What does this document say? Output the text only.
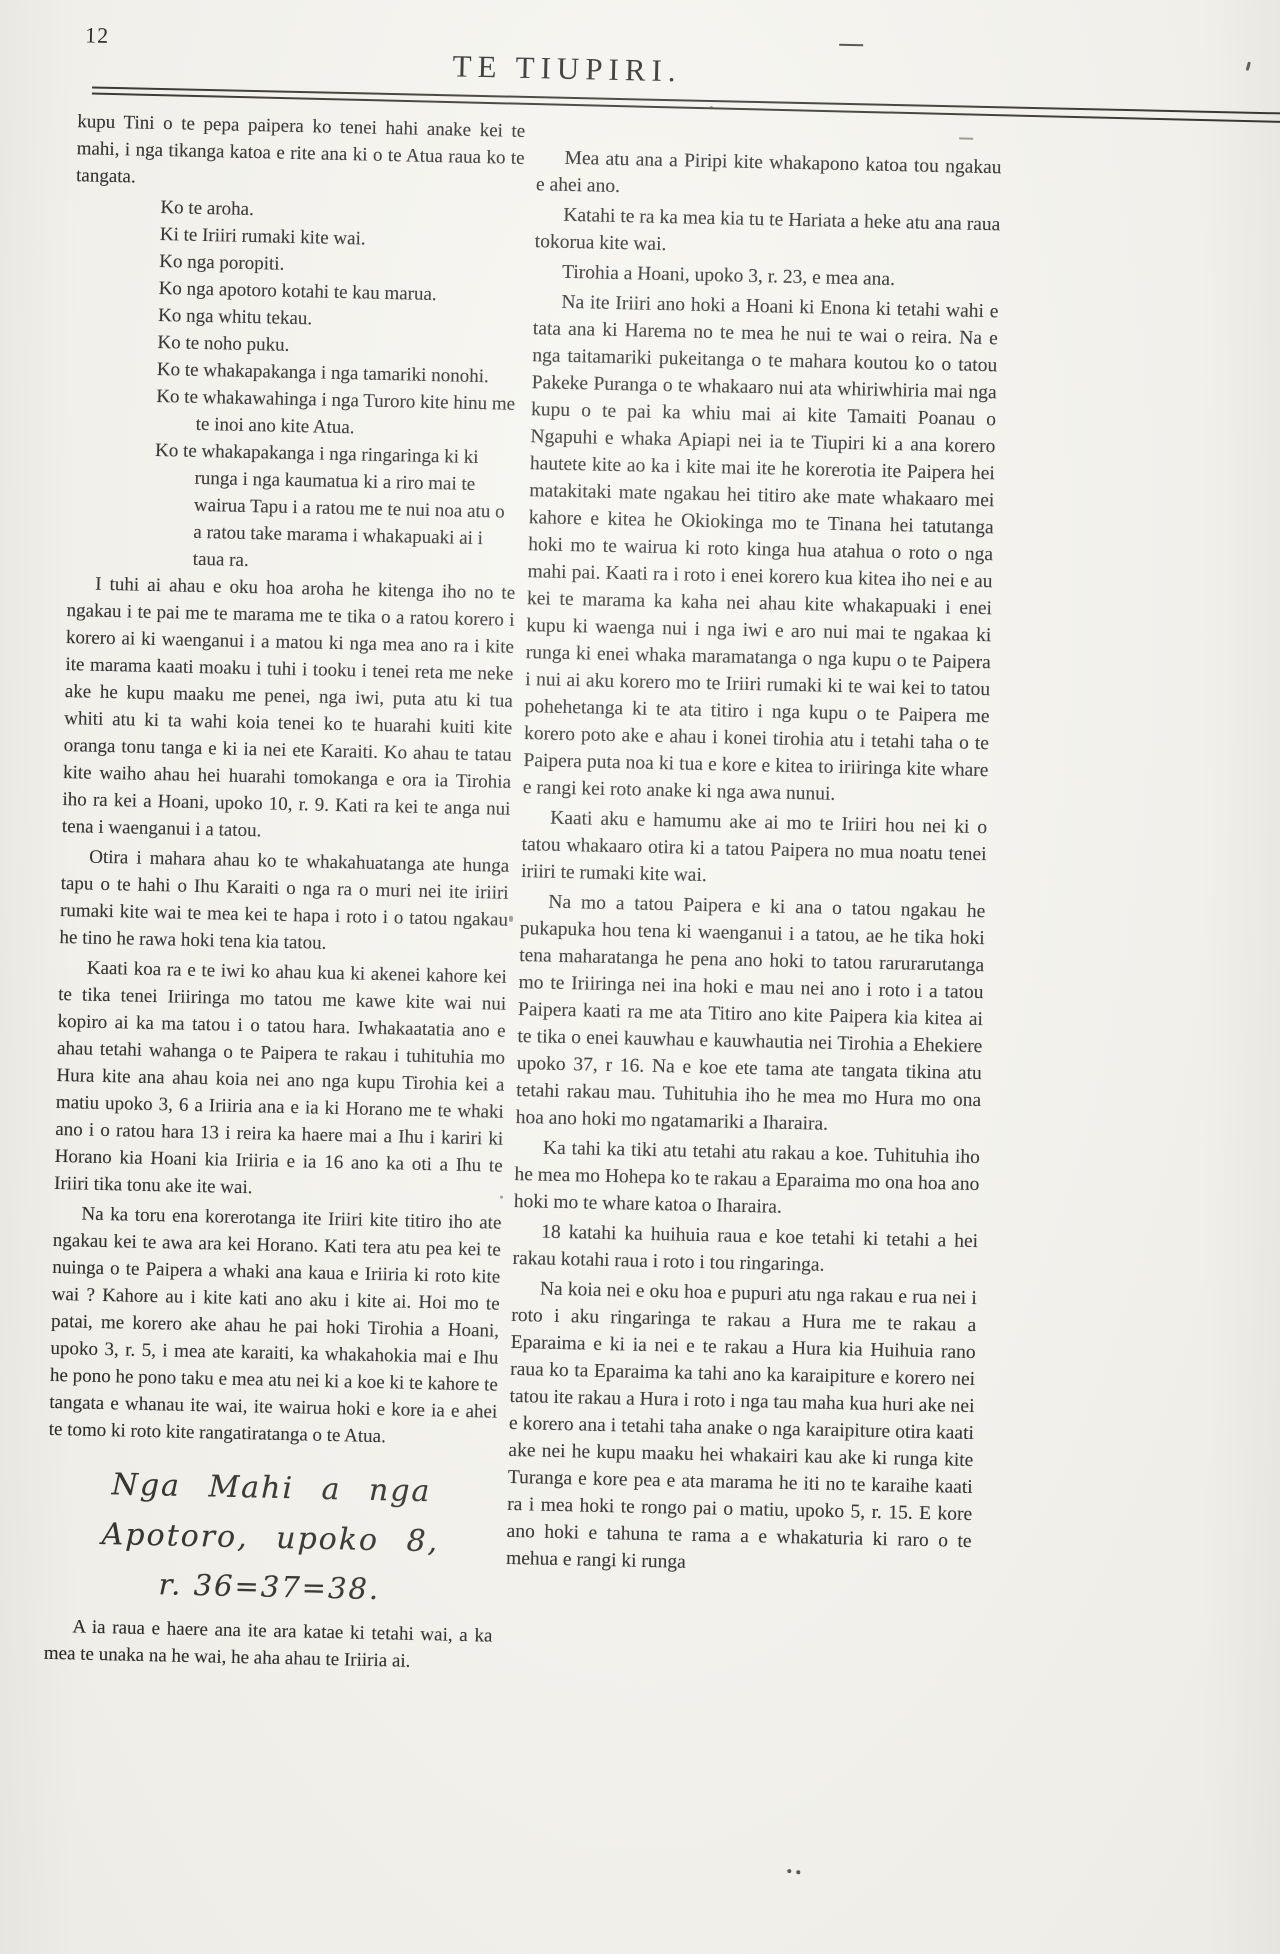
12
TE TIUPIRI.

kupu Tini o te pepa paipera ko tenei hahi anake kei te mahi, i nga tikanga katoa e rite ana ki o te Atua raua ko te tangata.

Ko te aroha.

Ki te Iriiri rumaki kite wai.

Ko nga poropiti.

Ko nga apotoro kotahi te kau marua.

Ko nga whitu tekau.

Ko te noho puku.

Ko te whakapakanga i nga tamariki nonohi.

Ko te whakawahinga i nga Turoro kite hinu me te inoi ano kite Atua.

Ko te whakapakanga i nga ringaringa ki ki runga i nga kaumatua ki a riro mai te wairua Tapu i a ratou me te nui noa atu o a ratou take marama i whakapuaki ai i taua ra.

I tuhi ai ahau e oku hoa aroha he kitenga iho no te ngakau i te pai me te marama me te tika o a ratou korero i korero ai ki waenganui i a matou ki nga mea ano ra i kite ite marama kaati moaku i tuhi i tooku i tenei reta me neke ake he kupu maaku me penei, nga iwi, puta atu ki tua whiti atu ki ta wahi koia tenei ko te huarahi kuiti kite oranga tonu tanga e ki ia nei ete Karaiti. Ko ahau te tatau kite waiho ahau hei huarahi tomokanga e ora ia Tirohia iho ra kei a Hoani, upoko 10, r. 9. Kati ra kei te anga nui tena i waenganui i a tatou.

Otira i mahara ahau ko te whakahuatanga ate hunga tapu o te hahi o Ihu Karaiti o nga ra o muri nei ite iriiri rumaki kite wai te mea kei te hapa i roto i o tatou ngakau he tino he rawa hoki tena kia tatou.

Kaati koa ra e te iwi ko ahau kua ki akenei kahore kei te tika tenei Iriiringa mo tatou me kawe kite wai nui kopiro ai ka ma tatou i o tatou hara. Iwhakaatatia ano e ahau tetahi wahanga o te Paipera te rakau i tuhituhia mo Hura kite ana ahau koia nei ano nga kupu Tirohia kei a matiu upoko 3, 6 a Iriiria ana e ia ki Horano me te whaki ano i o ratou hara 13 i reira ka haere mai a Ihu i kariri ki Horano kia Hoani kia Iriiria e ia 16 ano ka oti a Ihu te Iriiri tika tonu ake ite wai.

Na ka toru ena korerotanga ite Iriiri kite titiro iho ate ngakau kei te awa ara kei Horano. Kati tera atu pea kei te nuinga o te Paipera a whaki ana kaua e Iriiria ki roto kite wai ? Kahore au i kite kati ano aku i kite ai. Hoi mo te patai, me korero ake ahau he pai hoki Tirohia a Hoani, upoko 3, r. 5, i mea ate karaiti, ka whakahokia mai e Ihu he pono he pono taku e mea atu nei ki a koe ki te kahore te tangata e whanau ite wai, ite wairua hoki e kore ia e ahei te tomo ki roto kite rangatiratanga o te Atua.

Nga Mahi a nga Apotoro, upoko 8,
r. 36=37=38.

A ia raua e haere ana ite ara katae ki tetahi wai, a ka mea te unaka na he wai, he aha ahau te Iriiria ai.

Mea atu ana a Piripi kite whakapono katoa tou ngakau e ahei ano.

Katahi te ra ka mea kia tu te Hariata a heke atu ana raua tokorua kite wai.

Tirohia a Hoani, upoko 3, r. 23, e mea ana.

Na ite Iriiri ano hoki a Hoani ki Enona ki tetahi wahi e tata ana ki Harema no te mea he nui te wai o reira. Na e nga taitamariki pukeitanga o te mahara koutou ko o tatou Pakeke Puranga o te whakaaro nui ata whiriwhiria mai nga kupu o te pai ka whiu mai ai kite Tamaiti Poanau o Ngapuhi e whaka Apiapi nei ia te Tiupiri ki a ana korero hautete kite ao ka i kite mai ite he korerotia ite Paipera hei matakitaki mate ngakau hei titiro ake mate whakaaro mei kahore e kitea he Okiokinga mo te Tinana hei tatutanga hoki mo te wairua ki roto kinga hua atahua o roto o nga mahi pai. Kaati ra i roto i enei korero kua kitea iho nei e au kei te marama ka kaha nei ahau kite whakapuaki i enei kupu ki waenga nui i nga iwi e aro nui mai te ngakaa ki runga ki enei whaka maramatanga o nga kupu o te Paipera i nui ai aku korero mo te Iriiri rumaki ki te wai kei to tatou pohehetanga ki te ata titiro i nga kupu o te Paipera me korero poto ake e ahau i konei tirohia atu i tetahi taha o te Paipera puta noa ki tua e kore e kitea to iriiringa kite whare e rangi kei roto anake ki nga awa nunui.

Kaati aku e hamumu ake ai mo te Iriiri hou nei ki o tatou whakaaro otira ki a tatou Paipera no mua noatu tenei iriiri te rumaki kite wai.

Na mo a tatou Paipera e ki ana o tatou ngakau he pukapuka hou tena ki waenganui i a tatou, ae he tika hoki tena maharatanga he pena ano hoki to tatou rarurarutanga mo te Iriiringa nei ina hoki e mau nei ano i roto i a tatou Paipera kaati ra me ata Titiro ano kite Paipera kia kitea ai te tika o enei kauwhau e kauwhautia nei Tirohia a Ehekiere upoko 37, r 16. Na e koe ete tama ate tangata tikina atu tetahi rakau mau. Tuhituhia iho he mea mo Hura mo ona hoa ano hoki mo ngatamariki a Iharaira.

Ka tahi ka tiki atu tetahi atu rakau a koe. Tuhituhia iho he mea mo Hohepa ko te rakau a Eparaima mo ona hoa ano hoki mo te whare katoa o Iharaira.

18 katahi ka huihuia raua e koe tetahi ki tetahi a hei rakau kotahi raua i roto i tou ringaringa.

Na koia nei e oku hoa e pupuri atu nga rakau e rua nei i roto i aku ringaringa te rakau a Hura me te rakau a Eparaima e ki ia nei e te rakau a Hura kia Huihuia rano raua ko ta Eparaima ka tahi ano ka karaipiture e korero nei tatou ite rakau a Hura i roto i nga tau maha kua huri ake nei e korero ana i tetahi taha anake o nga karaipiture otira kaati ake nei he kupu maaku hei whakairi kau ake ki runga kite Turanga e kore pea e ata marama he iti no te karaihe kaati ra i mea hoki te rongo pai o matiu, upoko 5, r. 15. E kore ano hoki e tahuna te rama a e whakaturia ki raro o te mehua e rangi ki runga
